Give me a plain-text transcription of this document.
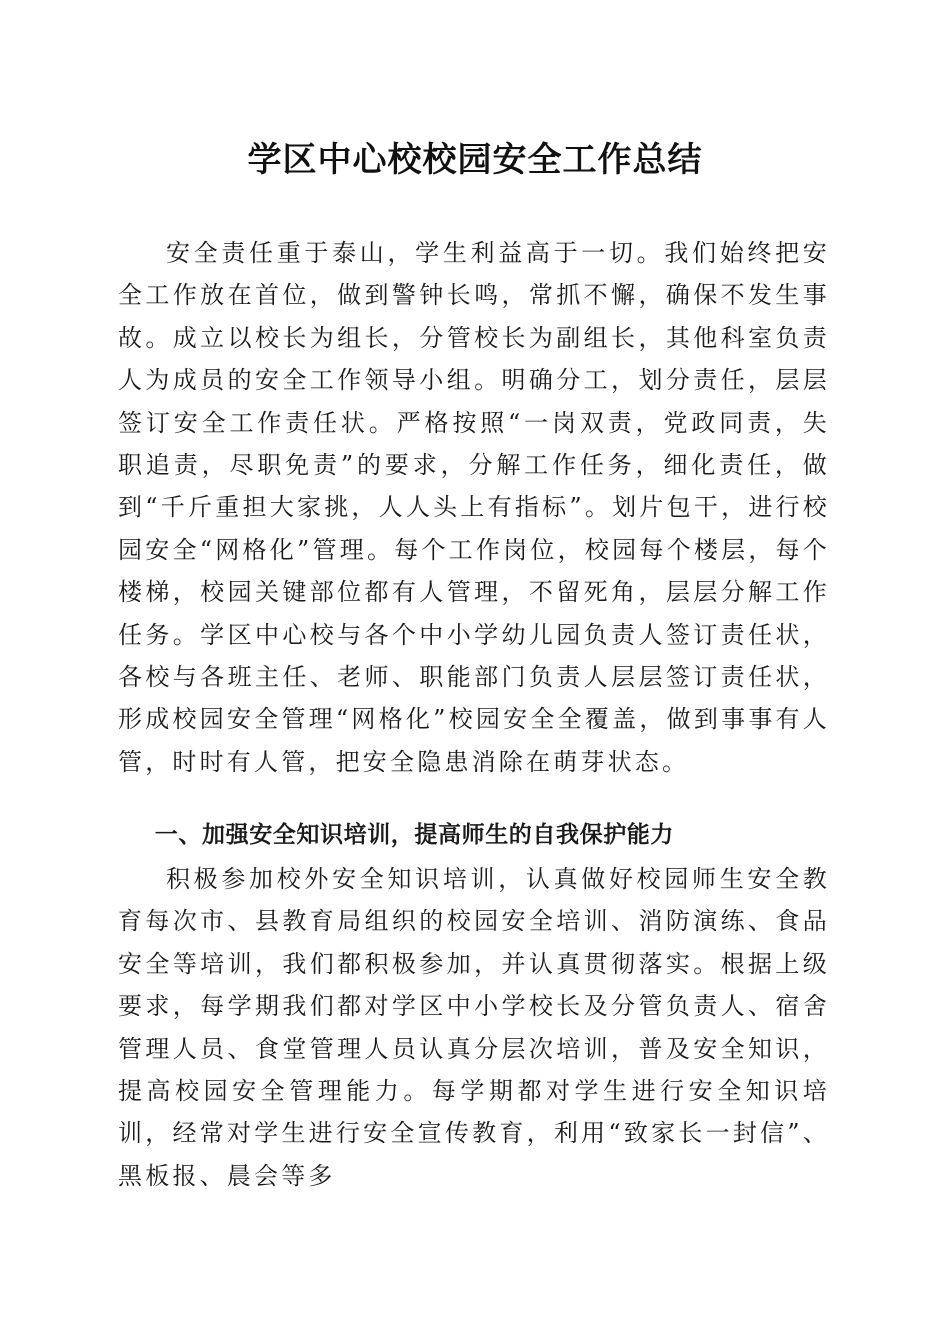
学区中心校校园安全工作总结

安全责任重于泰山，学生利益高于一切。我们始终把安全工作放在首位，做到警钟长鸣，常抓不懈，确保不发生事故。成立以校长为组长，分管校长为副组长，其他科室负责人为成员的安全工作领导小组。明确分工，划分责任，层层签订安全工作责任状。严格按照“一岗双责，党政同责，失职追责，尽职免责”的要求，分解工作任务，细化责任，做到“千斤重担大家挑，人人头上有指标”。划片包干，进行校园安全“网格化”管理。每个工作岗位，校园每个楼层，每个楼梯，校园关键部位都有人管理，不留死角，层层分解工作任务。学区中心校与各个中小学幼儿园负责人签订责任状，各校与各班主任、老师、职能部门负责人层层签订责任状，形成校园安全管理“网格化”校园安全全覆盖，做到事事有人管，时时有人管，把安全隐患消除在萌芽状态。

一、加强安全知识培训，提高师生的自我保护能力

积极参加校外安全知识培训，认真做好校园师生安全教育每次市、县教育局组织的校园安全培训、消防演练、食品安全等培训，我们都积极参加，并认真贯彻落实。根据上级要求，每学期我们都对学区中小学校长及分管负责人、宿舍管理人员、食堂管理人员认真分层次培训，普及安全知识，提高校园安全管理能力。每学期都对学生进行安全知识培训，经常对学生进行安全宣传教育，利用“致家长一封信”、黑板报、晨会等多
